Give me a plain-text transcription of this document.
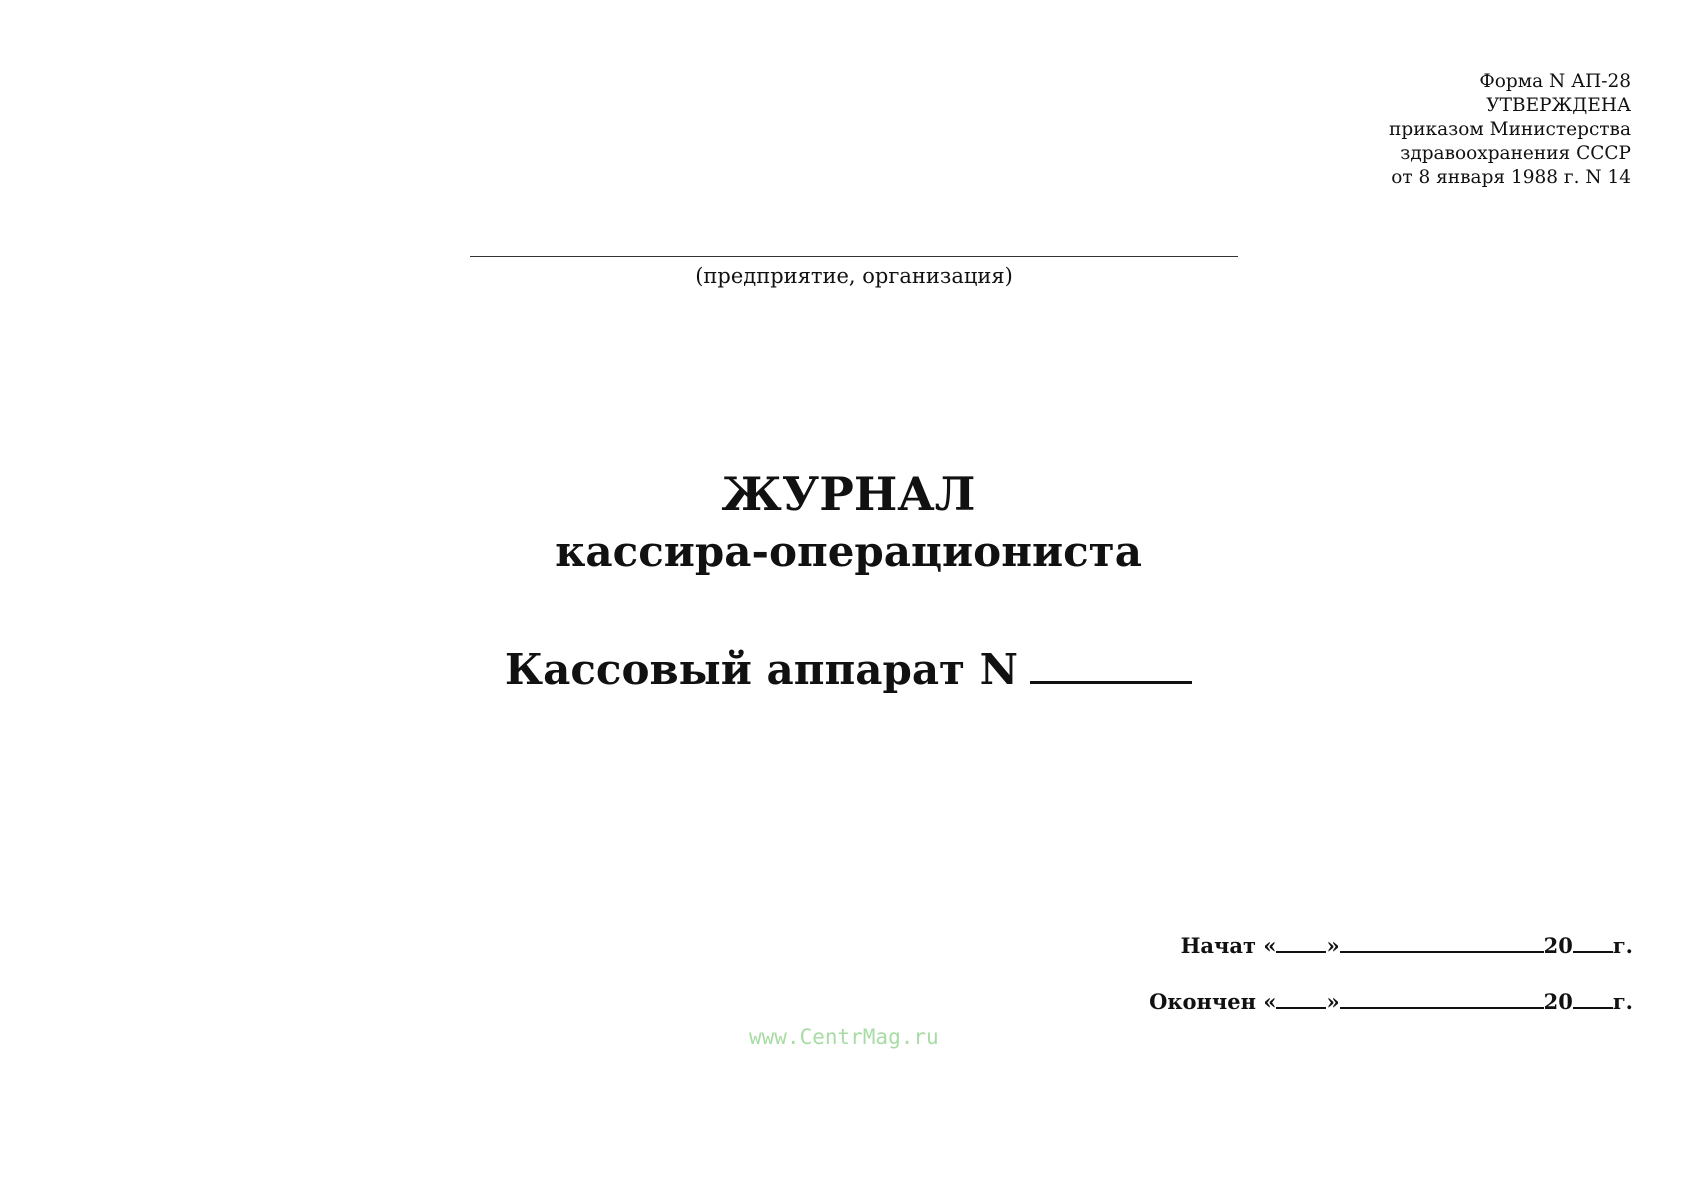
Форма N АП-28
УТВЕРЖДЕНА
приказом Министерства
здравоохранения СССР
от 8 января 1988 г. N 14
(предприятие, организация)
ЖУРНАЛ
кассира-операциониста
Кассовый аппарат N
Начат « »	20 г.
Окончен « »	20 г.
www.CentrMag.ru
